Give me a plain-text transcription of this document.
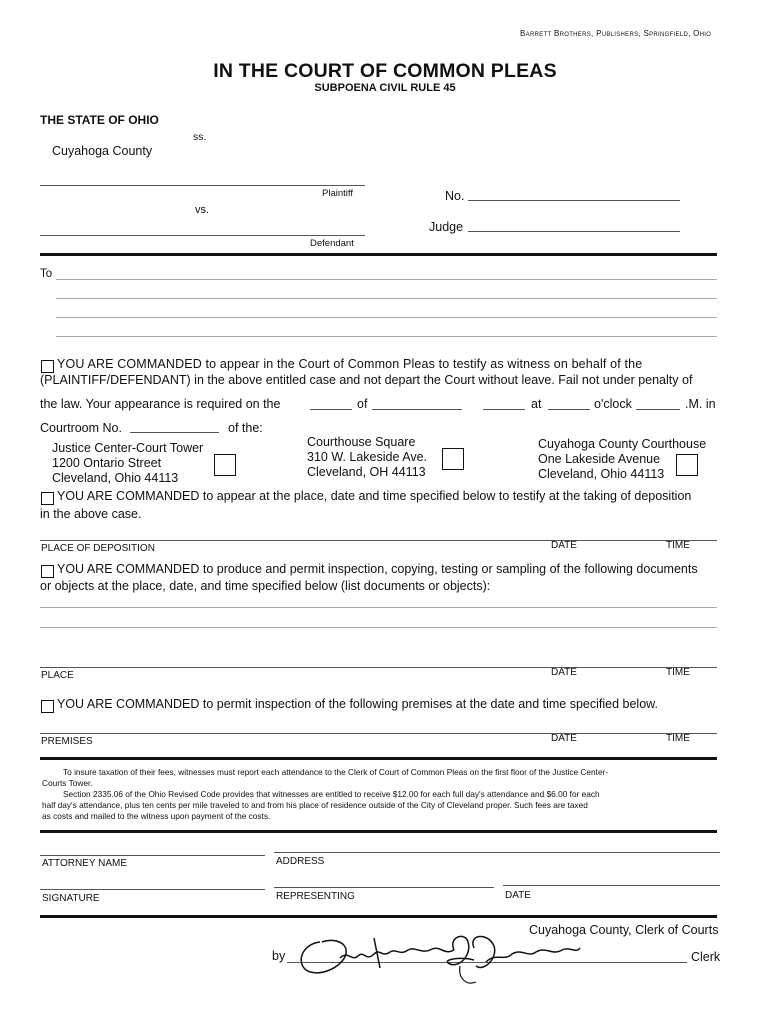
Barrett Brothers, Publishers, Springfield, Ohio
IN THE COURT OF COMMON PLEAS
SUBPOENA CIVIL RULE 45
THE STATE OF OHIO
ss.
Cuyahoga County
Plaintiff
vs.
Defendant
No.
Judge
To
YOU ARE COMMANDED to appear in the Court of Common Pleas to testify as witness on behalf of the
(PLAINTIFF/DEFENDANT) in the above entitled case and not depart the Court without leave. Fail not under penalty of
the law. Your appearance is required on the	of	at	o'clock	.M. in
Courtroom No.	of the:
Justice Center-Court Tower
1200 Ontario Street
Cleveland, Ohio 44113
Courthouse Square
310 W. Lakeside Ave.
Cleveland, OH 44113
Cuyahoga County Courthouse
One Lakeside Avenue
Cleveland, Ohio 44113
YOU ARE COMMANDED to appear at the place, date and time specified below to testify at the taking of deposition
in the above case.
PLACE OF DEPOSITION	DATE	TIME
YOU ARE COMMANDED to produce and permit inspection, copying, testing or sampling of the following documents
or objects at the place, date, and time specified below (list documents or objects):
PLACE	DATE	TIME
YOU ARE COMMANDED to permit inspection of the following premises at the date and time specified below.
PREMISES	DATE	TIME
To insure taxation of their fees, witnesses must report each attendance to the Clerk of Court of Common Pleas on the first floor of the Justice Center-
Courts Tower.
Section 2335.06 of the Ohio Revised Code provides that witnesses are entitled to receive $12.00 for each full day's attendance and $6.00 for each
half day's attendance, plus ten cents per mile traveled to and from his place of residence outside of the City of Cleveland proper. Such fees are taxed
as costs and mailed to the witness upon payment of the costs.
ATTORNEY NAME	ADDRESS
SIGNATURE	REPRESENTING	DATE
Cuyahoga County, Clerk of Courts
by	Clerk
